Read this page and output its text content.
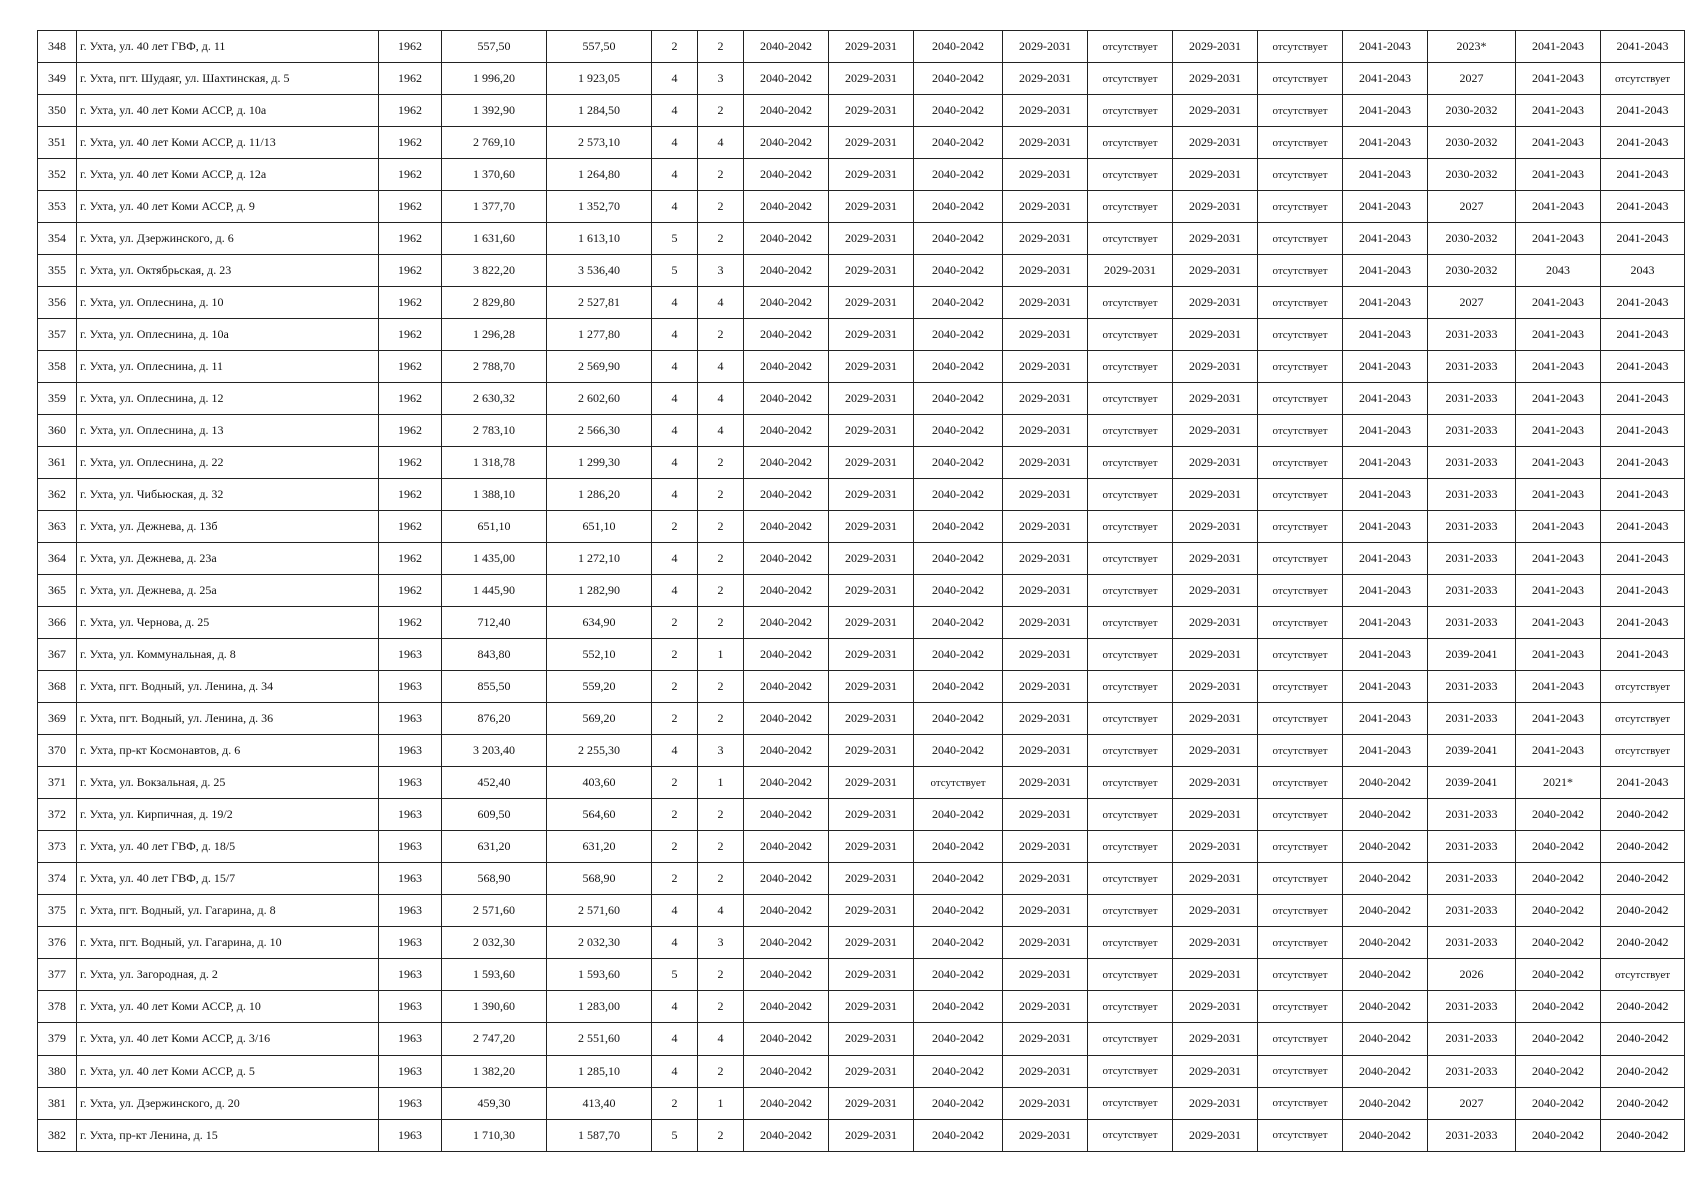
348	г. Ухта, ул. 40 лет ГВФ, д. 11	1962	557,50	557,50	2	2	2040-2042	2029-2031	2040-2042	2029-2031	отсутствует	2029-2031	отсутствует	2041-2043	2023*	2041-2043	2041-2043
349	г. Ухта, пгт. Шудаяг, ул. Шахтинская, д. 5	1962	1 996,20	1 923,05	4	3	2040-2042	2029-2031	2040-2042	2029-2031	отсутствует	2029-2031	отсутствует	2041-2043	2027	2041-2043	отсутствует
350	г. Ухта, ул. 40 лет Коми АССР, д. 10а	1962	1 392,90	1 284,50	4	2	2040-2042	2029-2031	2040-2042	2029-2031	отсутствует	2029-2031	отсутствует	2041-2043	2030-2032	2041-2043	2041-2043
351	г. Ухта, ул. 40 лет Коми АССР, д. 11/13	1962	2 769,10	2 573,10	4	4	2040-2042	2029-2031	2040-2042	2029-2031	отсутствует	2029-2031	отсутствует	2041-2043	2030-2032	2041-2043	2041-2043
352	г. Ухта, ул. 40 лет Коми АССР, д. 12а	1962	1 370,60	1 264,80	4	2	2040-2042	2029-2031	2040-2042	2029-2031	отсутствует	2029-2031	отсутствует	2041-2043	2030-2032	2041-2043	2041-2043
353	г. Ухта, ул. 40 лет Коми АССР, д. 9	1962	1 377,70	1 352,70	4	2	2040-2042	2029-2031	2040-2042	2029-2031	отсутствует	2029-2031	отсутствует	2041-2043	2027	2041-2043	2041-2043
354	г. Ухта, ул. Дзержинского, д. 6	1962	1 631,60	1 613,10	5	2	2040-2042	2029-2031	2040-2042	2029-2031	отсутствует	2029-2031	отсутствует	2041-2043	2030-2032	2041-2043	2041-2043
355	г. Ухта, ул. Октябрьская, д. 23	1962	3 822,20	3 536,40	5	3	2040-2042	2029-2031	2040-2042	2029-2031	2029-2031	2029-2031	отсутствует	2041-2043	2030-2032	2043	2043
356	г. Ухта, ул. Оплеснина, д. 10	1962	2 829,80	2 527,81	4	4	2040-2042	2029-2031	2040-2042	2029-2031	отсутствует	2029-2031	отсутствует	2041-2043	2027	2041-2043	2041-2043
357	г. Ухта, ул. Оплеснина, д. 10а	1962	1 296,28	1 277,80	4	2	2040-2042	2029-2031	2040-2042	2029-2031	отсутствует	2029-2031	отсутствует	2041-2043	2031-2033	2041-2043	2041-2043
358	г. Ухта, ул. Оплеснина, д. 11	1962	2 788,70	2 569,90	4	4	2040-2042	2029-2031	2040-2042	2029-2031	отсутствует	2029-2031	отсутствует	2041-2043	2031-2033	2041-2043	2041-2043
359	г. Ухта, ул. Оплеснина, д. 12	1962	2 630,32	2 602,60	4	4	2040-2042	2029-2031	2040-2042	2029-2031	отсутствует	2029-2031	отсутствует	2041-2043	2031-2033	2041-2043	2041-2043
360	г. Ухта, ул. Оплеснина, д. 13	1962	2 783,10	2 566,30	4	4	2040-2042	2029-2031	2040-2042	2029-2031	отсутствует	2029-2031	отсутствует	2041-2043	2031-2033	2041-2043	2041-2043
361	г. Ухта, ул. Оплеснина, д. 22	1962	1 318,78	1 299,30	4	2	2040-2042	2029-2031	2040-2042	2029-2031	отсутствует	2029-2031	отсутствует	2041-2043	2031-2033	2041-2043	2041-2043
362	г. Ухта, ул. Чибьюская, д. 32	1962	1 388,10	1 286,20	4	2	2040-2042	2029-2031	2040-2042	2029-2031	отсутствует	2029-2031	отсутствует	2041-2043	2031-2033	2041-2043	2041-2043
363	г. Ухта, ул. Дежнева, д. 13б	1962	651,10	651,10	2	2	2040-2042	2029-2031	2040-2042	2029-2031	отсутствует	2029-2031	отсутствует	2041-2043	2031-2033	2041-2043	2041-2043
364	г. Ухта, ул. Дежнева, д. 23а	1962	1 435,00	1 272,10	4	2	2040-2042	2029-2031	2040-2042	2029-2031	отсутствует	2029-2031	отсутствует	2041-2043	2031-2033	2041-2043	2041-2043
365	г. Ухта, ул. Дежнева, д. 25а	1962	1 445,90	1 282,90	4	2	2040-2042	2029-2031	2040-2042	2029-2031	отсутствует	2029-2031	отсутствует	2041-2043	2031-2033	2041-2043	2041-2043
366	г. Ухта, ул. Чернова, д. 25	1962	712,40	634,90	2	2	2040-2042	2029-2031	2040-2042	2029-2031	отсутствует	2029-2031	отсутствует	2041-2043	2031-2033	2041-2043	2041-2043
367	г. Ухта, ул. Коммунальная, д. 8	1963	843,80	552,10	2	1	2040-2042	2029-2031	2040-2042	2029-2031	отсутствует	2029-2031	отсутствует	2041-2043	2039-2041	2041-2043	2041-2043
368	г. Ухта, пгт. Водный, ул. Ленина, д. 34	1963	855,50	559,20	2	2	2040-2042	2029-2031	2040-2042	2029-2031	отсутствует	2029-2031	отсутствует	2041-2043	2031-2033	2041-2043	отсутствует
369	г. Ухта, пгт. Водный, ул. Ленина, д. 36	1963	876,20	569,20	2	2	2040-2042	2029-2031	2040-2042	2029-2031	отсутствует	2029-2031	отсутствует	2041-2043	2031-2033	2041-2043	отсутствует
370	г. Ухта, пр-кт Космонавтов, д. 6	1963	3 203,40	2 255,30	4	3	2040-2042	2029-2031	2040-2042	2029-2031	отсутствует	2029-2031	отсутствует	2041-2043	2039-2041	2041-2043	отсутствует
371	г. Ухта, ул. Вокзальная, д. 25	1963	452,40	403,60	2	1	2040-2042	2029-2031	отсутствует	2029-2031	отсутствует	2029-2031	отсутствует	2040-2042	2039-2041	2021*	2041-2043
372	г. Ухта, ул. Кирпичная, д. 19/2	1963	609,50	564,60	2	2	2040-2042	2029-2031	2040-2042	2029-2031	отсутствует	2029-2031	отсутствует	2040-2042	2031-2033	2040-2042	2040-2042
373	г. Ухта, ул. 40 лет ГВФ, д. 18/5	1963	631,20	631,20	2	2	2040-2042	2029-2031	2040-2042	2029-2031	отсутствует	2029-2031	отсутствует	2040-2042	2031-2033	2040-2042	2040-2042
374	г. Ухта, ул. 40 лет ГВФ, д. 15/7	1963	568,90	568,90	2	2	2040-2042	2029-2031	2040-2042	2029-2031	отсутствует	2029-2031	отсутствует	2040-2042	2031-2033	2040-2042	2040-2042
375	г. Ухта, пгт. Водный, ул. Гагарина, д. 8	1963	2 571,60	2 571,60	4	4	2040-2042	2029-2031	2040-2042	2029-2031	отсутствует	2029-2031	отсутствует	2040-2042	2031-2033	2040-2042	2040-2042
376	г. Ухта, пгт. Водный, ул. Гагарина, д. 10	1963	2 032,30	2 032,30	4	3	2040-2042	2029-2031	2040-2042	2029-2031	отсутствует	2029-2031	отсутствует	2040-2042	2031-2033	2040-2042	2040-2042
377	г. Ухта, ул. Загородная, д. 2	1963	1 593,60	1 593,60	5	2	2040-2042	2029-2031	2040-2042	2029-2031	отсутствует	2029-2031	отсутствует	2040-2042	2026	2040-2042	отсутствует
378	г. Ухта, ул. 40 лет Коми АССР, д. 10	1963	1 390,60	1 283,00	4	2	2040-2042	2029-2031	2040-2042	2029-2031	отсутствует	2029-2031	отсутствует	2040-2042	2031-2033	2040-2042	2040-2042
379	г. Ухта, ул. 40 лет Коми АССР, д. 3/16	1963	2 747,20	2 551,60	4	4	2040-2042	2029-2031	2040-2042	2029-2031	отсутствует	2029-2031	отсутствует	2040-2042	2031-2033	2040-2042	2040-2042
380	г. Ухта, ул. 40 лет Коми АССР, д. 5	1963	1 382,20	1 285,10	4	2	2040-2042	2029-2031	2040-2042	2029-2031	отсутствует	2029-2031	отсутствует	2040-2042	2031-2033	2040-2042	2040-2042
381	г. Ухта, ул. Дзержинского, д. 20	1963	459,30	413,40	2	1	2040-2042	2029-2031	2040-2042	2029-2031	отсутствует	2029-2031	отсутствует	2040-2042	2027	2040-2042	2040-2042
382	г. Ухта, пр-кт Ленина, д. 15	1963	1 710,30	1 587,70	5	2	2040-2042	2029-2031	2040-2042	2029-2031	отсутствует	2029-2031	отсутствует	2040-2042	2031-2033	2040-2042	2040-2042
